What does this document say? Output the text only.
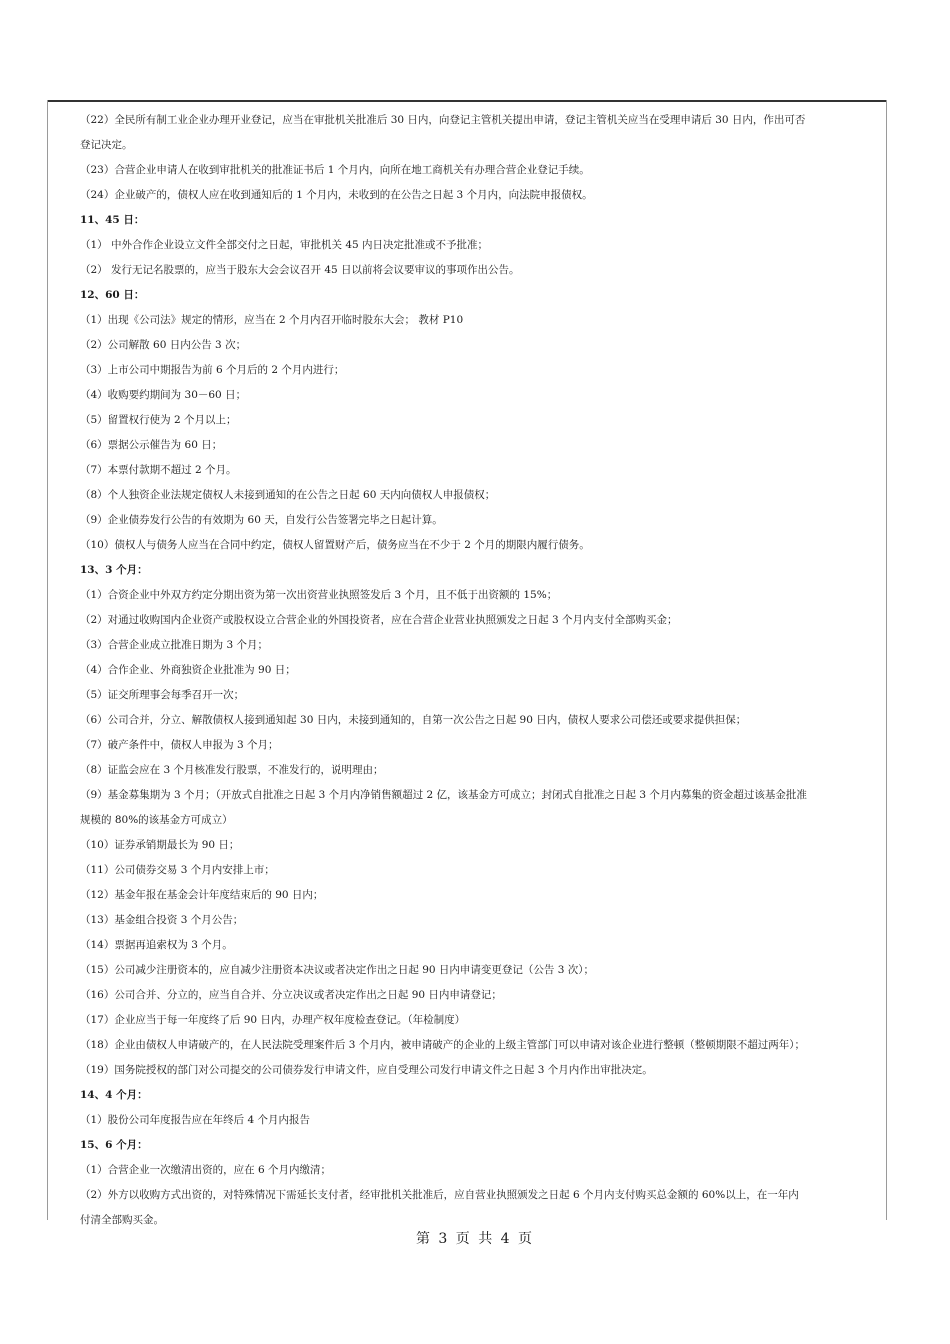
（22）全民所有制工业企业办理开业登记，应当在审批机关批准后 30 日内，向登记主管机关提出申请，登记主管机关应当在受理申请后 30 日内，作出可否
登记决定。
（23）合营企业申请人在收到审批机关的批准证书后 1 个月内，向所在地工商机关有办理合营企业登记手续。
（24）企业破产的，债权人应在收到通知后的 1 个月内，未收到的在公告之日起 3 个月内，向法院申报债权。
11、45 日：
（1） 中外合作企业设立文件全部交付之日起，审批机关 45 内日决定批准或不予批准；
（2） 发行无记名股票的，应当于股东大会会议召开 45 日以前将会议要审议的事项作出公告。
12、60 日：
（1）出现《公司法》规定的情形，应当在 2 个月内召开临时股东大会； 教材 P10
（2）公司解散 60 日内公告 3 次；
（3）上市公司中期报告为前 6 个月后的 2 个月内进行；
（4）收购要约期间为 30－60 日；
（5）留置权行使为 2 个月以上；
（6）票据公示催告为 60 日；
（7）本票付款期不超过 2 个月。
（8）个人独资企业法规定债权人未接到通知的在公告之日起 60 天内向债权人申报债权；
（9）企业债券发行公告的有效期为 60 天，自发行公告签署完毕之日起计算。
（10）债权人与债务人应当在合同中约定，债权人留置财产后，债务应当在不少于 2 个月的期限内履行债务。
13、3 个月：
（1）合资企业中外双方约定分期出资为第一次出资营业执照签发后 3 个月，且不低于出资额的 15%；
（2）对通过收购国内企业资产或股权设立合营企业的外国投资者，应在合营企业营业执照颁发之日起 3 个月内支付全部购买金；
（3）合营企业成立批准日期为 3 个月；
（4）合作企业、外商独资企业批准为 90 日；
（5）证交所理事会每季召开一次；
（6）公司合并，分立、解散债权人接到通知起 30 日内，未接到通知的，自第一次公告之日起 90 日内，债权人要求公司偿还或要求提供担保；
（7）破产条件中，债权人申报为 3 个月；
（8）证监会应在 3 个月核准发行股票，不准发行的，说明理由；
（9）基金募集期为 3 个月；（开放式自批准之日起 3 个月内净销售额超过 2 亿，该基金方可成立；封闭式自批准之日起 3 个月内募集的资金超过该基金批准
规模的 80%的该基金方可成立）
（10）证券承销期最长为 90 日；
（11）公司债券交易 3 个月内安排上市；
（12）基金年报在基金会计年度结束后的 90 日内；
（13）基金组合投资 3 个月公告；
（14）票据再追索权为 3 个月。
（15）公司减少注册资本的，应自减少注册资本决议或者决定作出之日起 90 日内申请变更登记（公告 3 次）；
（16）公司合并、分立的，应当自合并、分立决议或者决定作出之日起 90 日内申请登记；
（17）企业应当于每一年度终了后 90 日内，办理产权年度检查登记。（年检制度）
（18）企业由债权人申请破产的，在人民法院受理案件后 3 个月内，被申请破产的企业的上级主管部门可以申请对该企业进行整顿（整顿期限不超过两年）；
（19）国务院授权的部门对公司提交的公司债券发行申请文件，应自受理公司发行申请文件之日起 3 个月内作出审批决定。
14、4 个月：
（1）股份公司年度报告应在年终后 4 个月内报告
15、6 个月：
（1）合营企业一次缴清出资的，应在 6 个月内缴清；
（2）外方以收购方式出资的，对特殊情况下需延长支付者，经审批机关批准后，应自营业执照颁发之日起 6 个月内支付购买总金额的 60%以上，在一年内
付清全部购买金。
第 3 页 共 4 页
